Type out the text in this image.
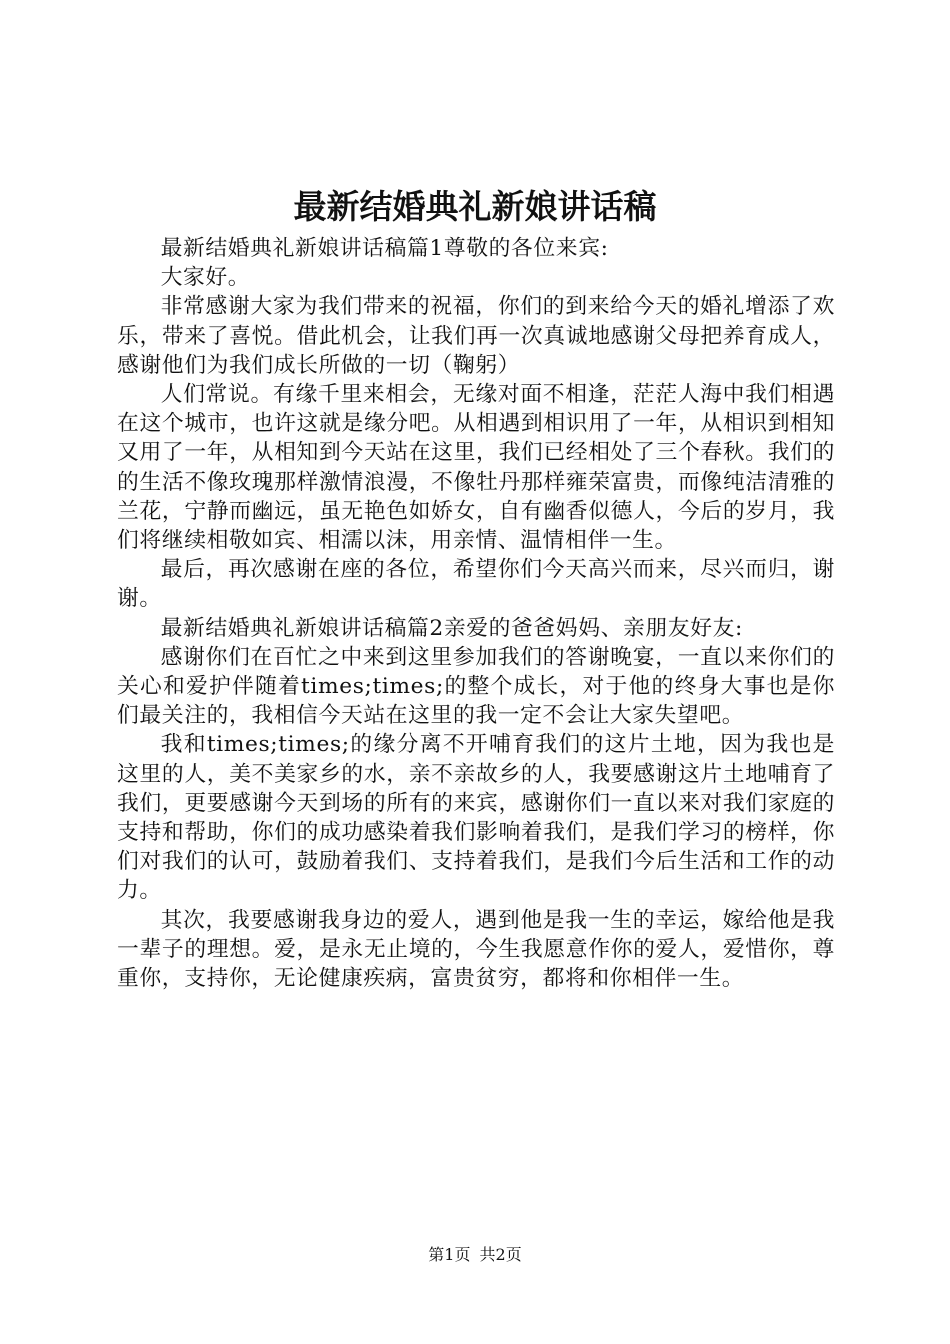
最新结婚典礼新娘讲话稿

最新结婚典礼新娘讲话稿篇1尊敬的各位来宾:

大家好。

非常感谢大家为我们带来的祝福，你们的到来给今天的婚礼增添了欢乐，带来了喜悦。借此机会，让我们再一次真诚地感谢父母把养育成人，感谢他们为我们成长所做的一切（鞠躬）

人们常说。有缘千里来相会，无缘对面不相逢，茫茫人海中我们相遇在这个城市，也许这就是缘分吧。从相遇到相识用了一年，从相识到相知又用了一年，从相知到今天站在这里，我们已经相处了三个春秋。我们的的生活不像玫瑰那样激情浪漫，不像牡丹那样雍荣富贵，而像纯洁清雅的兰花，宁静而幽远，虽无艳色如娇女，自有幽香似德人，今后的岁月，我们将继续相敬如宾、相濡以沫，用亲情、温情相伴一生。

最后，再次感谢在座的各位，希望你们今天高兴而来，尽兴而归，谢谢。

最新结婚典礼新娘讲话稿篇2亲爱的爸爸妈妈、亲朋友好友:

感谢你们在百忙之中来到这里参加我们的答谢晚宴，一直以来你们的关心和爱护伴随着times;times;的整个成长，对于他的终身大事也是你们最关注的，我相信今天站在这里的我一定不会让大家失望吧。

我和times;times;的缘分离不开哺育我们的这片土地，因为我也是这里的人，美不美家乡的水，亲不亲故乡的人，我要感谢这片土地哺育了我们，更要感谢今天到场的所有的来宾，感谢你们一直以来对我们家庭的支持和帮助，你们的成功感染着我们影响着我们，是我们学习的榜样，你们对我们的认可，鼓励着我们、支持着我们，是我们今后生活和工作的动力。

其次，我要感谢我身边的爱人，遇到他是我一生的幸运，嫁给他是我一辈子的理想。爱，是永无止境的，今生我愿意作你的爱人，爱惜你，尊重你，支持你，无论健康疾病，富贵贫穷，都将和你相伴一生。

第1页 共2页
